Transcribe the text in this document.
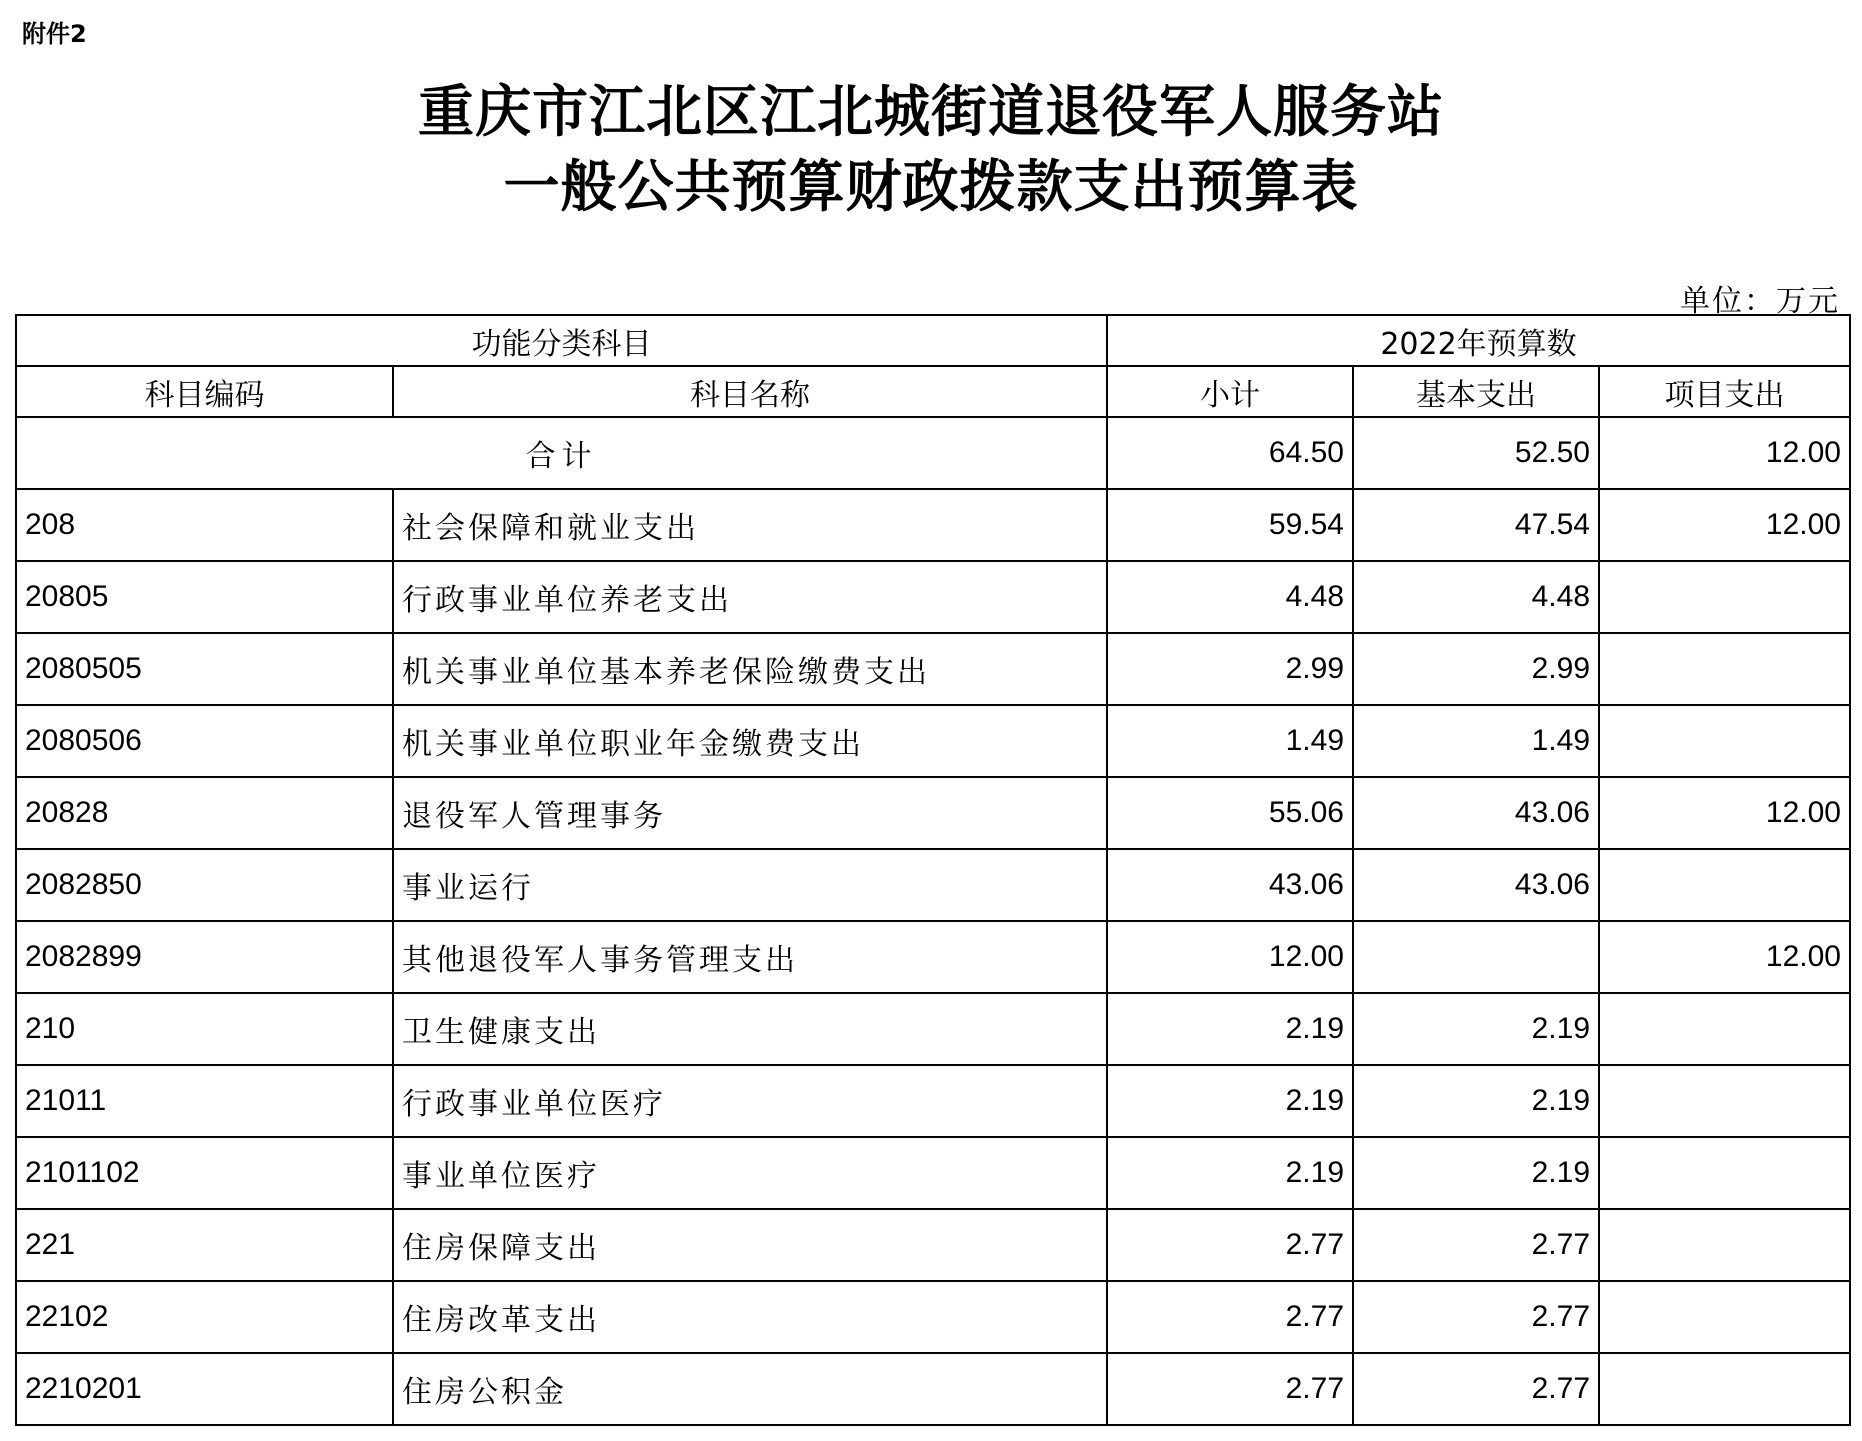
附件2
重庆市江北区江北城街道退役军人服务站
一般公共预算财政拨款支出预算表
单位：万元
功能分类科目		2022年预算数		
科目编码	科目名称	小计	基本支出	项目支出
合计		64.50	52.50	12.00
208	社会保障和就业支出	59.54	47.54	12.00
20805	行政事业单位养老支出	4.48	4.48	
2080505	机关事业单位基本养老保险缴费支出	2.99	2.99	
2080506	机关事业单位职业年金缴费支出	1.49	1.49	
20828	退役军人管理事务	55.06	43.06	12.00
2082850	事业运行	43.06	43.06	
2082899	其他退役军人事务管理支出	12.00		12.00
210	卫生健康支出	2.19	2.19	
21011	行政事业单位医疗	2.19	2.19	
2101102	事业单位医疗	2.19	2.19	
221	住房保障支出	2.77	2.77	
22102	住房改革支出	2.77	2.77	
2210201	住房公积金	2.77	2.77	
